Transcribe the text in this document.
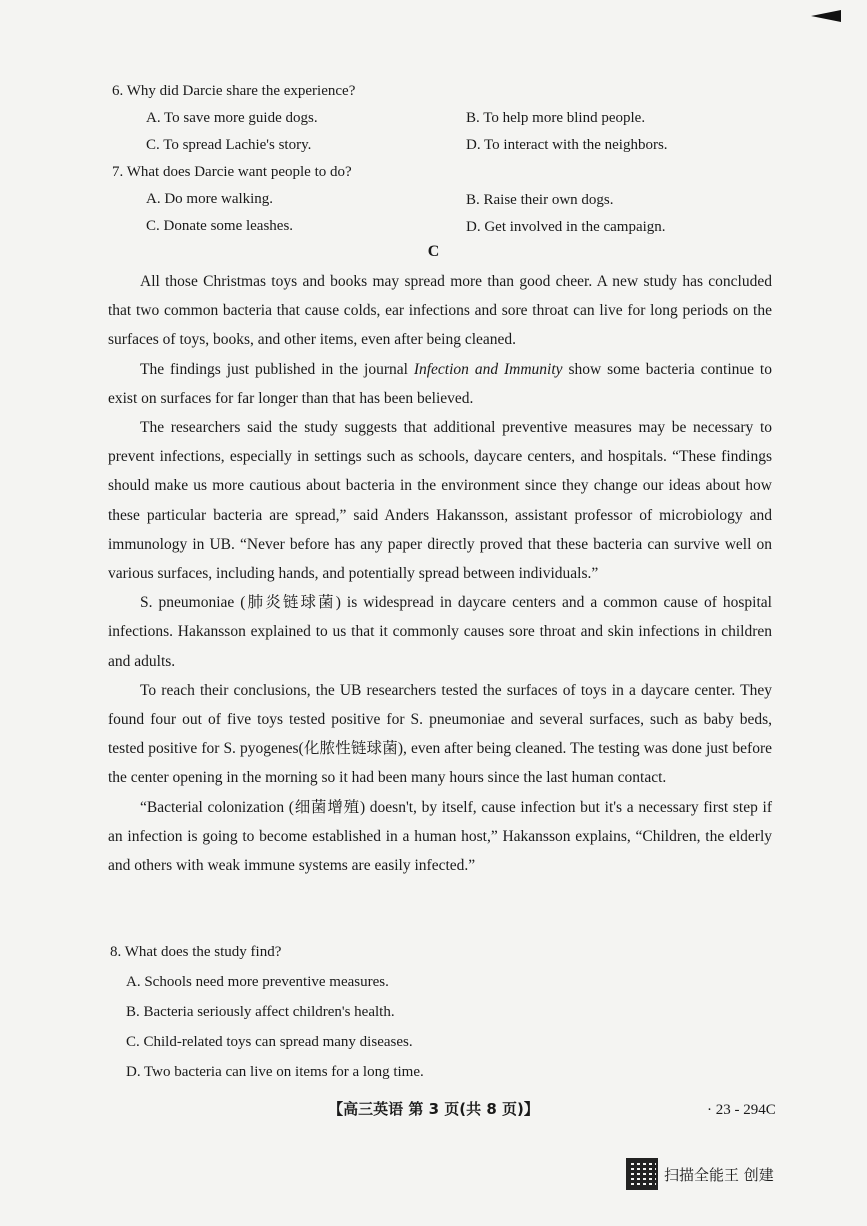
6. Why did Darcie share the experience?
A. To save more guide dogs.	B. To help more blind people.
C. To spread Lachie's story.	D. To interact with the neighbors.
7. What does Darcie want people to do?
A. Do more walking.	B. Raise their own dogs.
C. Donate some leashes.	D. Get involved in the campaign.
C

All those Christmas toys and books may spread more than good cheer. A new study has concluded that two common bacteria that cause colds, ear infections and sore throat can live for long periods on the surfaces of toys, books, and other items, even after being cleaned.

The findings just published in the journal Infection and Immunity show some bacteria continue to exist on surfaces for far longer than that has been believed.

The researchers said the study suggests that additional preventive measures may be necessary to prevent infections, especially in settings such as schools, daycare centers, and hospitals. “These findings should make us more cautious about bacteria in the environment since they change our ideas about how these particular bacteria are spread,” said Anders Hakansson, assistant professor of microbiology and immunology in UB. “Never before has any paper directly proved that these bacteria can survive well on various surfaces, including hands, and potentially spread between individuals.”

S. pneumoniae (肺炎链球菌) is widespread in daycare centers and a common cause of hospital infections. Hakansson explained to us that it commonly causes sore throat and skin infections in children and adults.

To reach their conclusions, the UB researchers tested the surfaces of toys in a daycare center. They found four out of five toys tested positive for S. pneumoniae and several surfaces, such as baby beds, tested positive for S. pyogenes(化脓性链球菌), even after being cleaned. The testing was done just before the center opening in the morning so it had been many hours since the last human contact.

“Bacterial colonization (细菌增殖) doesn't, by itself, cause infection but it's a necessary first step if an infection is going to become established in a human host,” Hakansson explains, “Children, the elderly and others with weak immune systems are easily infected.”

8. What does the study find?
A. Schools need more preventive measures.
B. Bacteria seriously affect children's health.
C. Child-related toys can spread many diseases.
D. Two bacteria can live on items for a long time.
【高三英语 第 3 页(共 8 页)】	· 23 - 294C
扫描全能王 创建
